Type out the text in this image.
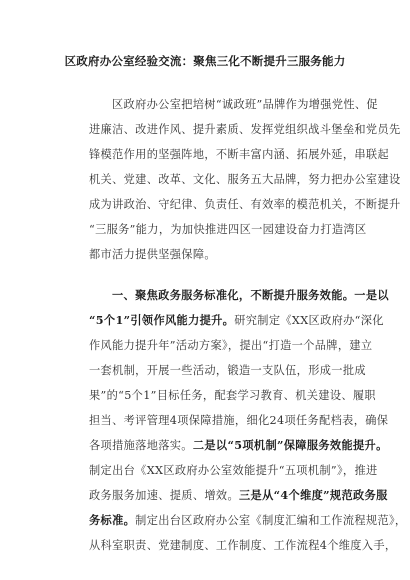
区政府办公室经验交流：聚焦三化不断提升三服务能力
区政府办公室把培树“诚政班”品牌作为增强党性、促
进廉洁、改进作风、提升素质、发挥党组织战斗堡垒和党员先
锋模范作用的坚强阵地，不断丰富内涵、拓展外延，串联起
机关、党建、改革、文化、服务五大品牌，努力把办公室建设
成为讲政治、守纪律、负责任、有效率的模范机关，不断提升
“三服务”能力，为加快推进四区一园建设奋力打造湾区
都市活力提供坚强保障。
一、聚焦政务服务标准化，不断提升服务效能。一是以
“5个1”引领作风能力提升。研究制定《XX区政府办“深化
作风能力提升年”活动方案》，提出“打造一个品牌，建立
一套机制，开展一些活动，锻造一支队伍，形成一批成
果”的“5个1”目标任务，配套学习教育、机关建设、履职
担当、考评管理4项保障措施，细化24项任务配档表，确保
各项措施落地落实。二是以“5项机制”保障服务效能提升。
制定出台《XX区政府办公室效能提升“五项机制”》，推进
政务服务加速、提质、增效。三是从“4个维度”规范政务服
务标准。制定出台区政府办公室《制度汇编和工作流程规范》，
从科室职责、党建制度、工作制度、工作流程4个维度入手，
